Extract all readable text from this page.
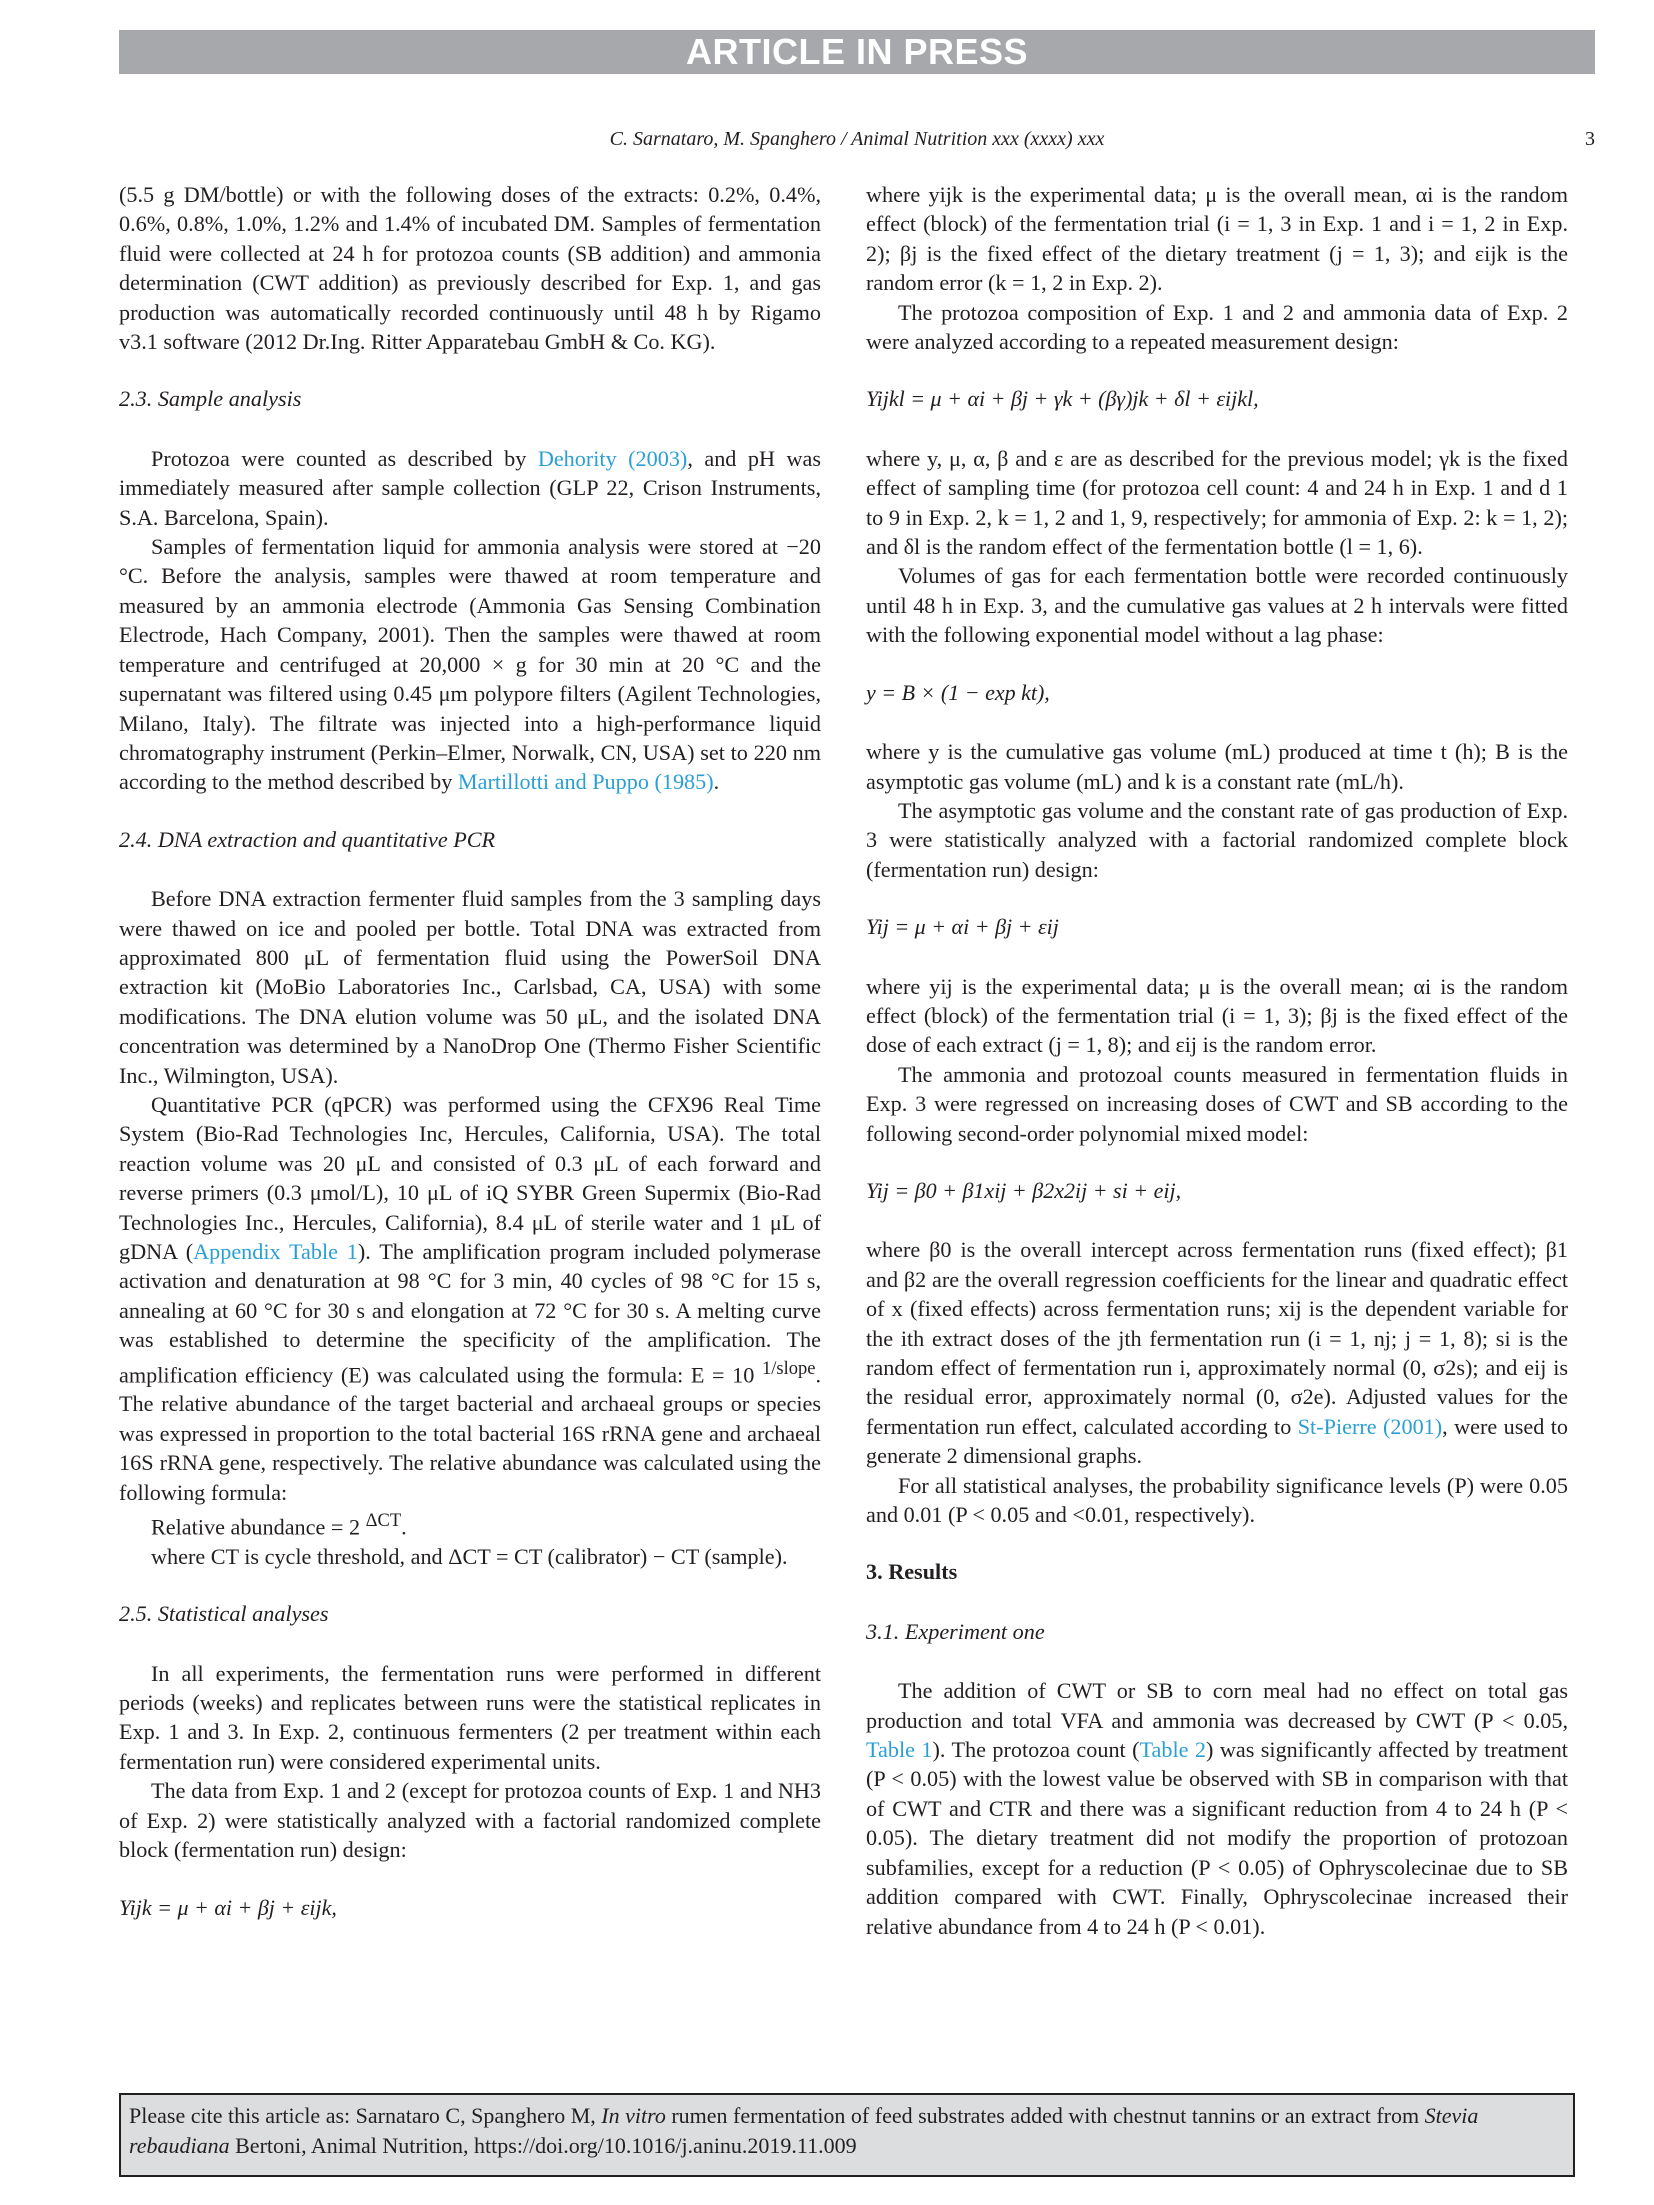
ARTICLE IN PRESS
C. Sarnataro, M. Spanghero / Animal Nutrition xxx (xxxx) xxx	3

(5.5 g DM/bottle) or with the following doses of the extracts: 0.2%, 0.4%, 0.6%, 0.8%, 1.0%, 1.2% and 1.4% of incubated DM. Samples of fermentation fluid were collected at 24 h for protozoa counts (SB addition) and ammonia determination (CWT addition) as previously described for Exp. 1, and gas production was automatically recorded continuously until 48 h by Rigamo v3.1 software (2012 Dr.Ing. Ritter Apparatebau GmbH & Co. KG).

2.3. Sample analysis

Protozoa were counted as described by Dehority (2003), and pH was immediately measured after sample collection (GLP 22, Crison Instruments, S.A. Barcelona, Spain).

Samples of fermentation liquid for ammonia analysis were stored at −20 °C. Before the analysis, samples were thawed at room temperature and measured by an ammonia electrode (Ammonia Gas Sensing Combination Electrode, Hach Company, 2001). Then the samples were thawed at room temperature and centrifuged at 20,000 × g for 30 min at 20 °C and the supernatant was filtered using 0.45 μm polypore filters (Agilent Technologies, Milano, Italy). The filtrate was injected into a high-performance liquid chromatography instrument (Perkin–Elmer, Norwalk, CN, USA) set to 220 nm according to the method described by Martillotti and Puppo (1985).

2.4. DNA extraction and quantitative PCR

Before DNA extraction fermenter fluid samples from the 3 sampling days were thawed on ice and pooled per bottle. Total DNA was extracted from approximated 800 μL of fermentation fluid using the PowerSoil DNA extraction kit (MoBio Laboratories Inc., Carlsbad, CA, USA) with some modifications. The DNA elution volume was 50 μL, and the isolated DNA concentration was determined by a NanoDrop One (Thermo Fisher Scientific Inc., Wilmington, USA).

Quantitative PCR (qPCR) was performed using the CFX96 Real Time System (Bio-Rad Technologies Inc, Hercules, California, USA). The total reaction volume was 20 μL and consisted of 0.3 μL of each forward and reverse primers (0.3 μmol/L), 10 μL of iQ SYBR Green Supermix (Bio-Rad Technologies Inc., Hercules, California), 8.4 μL of sterile water and 1 μL of gDNA (Appendix Table 1). The amplification program included polymerase activation and denaturation at 98 °C for 3 min, 40 cycles of 98 °C for 15 s, annealing at 60 °C for 30 s and elongation at 72 °C for 30 s. A melting curve was established to determine the specificity of the amplification. The amplification efficiency (E) was calculated using the formula: E = 10 $^{1/slope}$. The relative abundance of the target bacterial and archaeal groups or species was expressed in proportion to the total bacterial 16S rRNA gene and archaeal 16S rRNA gene, respectively. The relative abundance was calculated using the following formula:

Relative abundance = 2 $^{\Delta CT}$.

where CT is cycle threshold, and ΔCT = CT (calibrator) − CT (sample).

2.5. Statistical analyses

In all experiments, the fermentation runs were performed in different periods (weeks) and replicates between runs were the statistical replicates in Exp. 1 and 3. In Exp. 2, continuous fermenters (2 per treatment within each fermentation run) were considered experimental units.

The data from Exp. 1 and 2 (except for protozoa counts of Exp. 1 and NH3 of Exp. 2) were statistically analyzed with a factorial randomized complete block (fermentation run) design:

Yijk = μ + αi + βj + εijk,

where yijk is the experimental data; μ is the overall mean, αi is the random effect (block) of the fermentation trial (i = 1, 3 in Exp. 1 and i = 1, 2 in Exp. 2); βj is the fixed effect of the dietary treatment (j = 1, 3); and εijk is the random error (k = 1, 2 in Exp. 2).

The protozoa composition of Exp. 1 and 2 and ammonia data of Exp. 2 were analyzed according to a repeated measurement design:

Yijkl = μ + αi + βj + γk + (βγ)jk + δl + εijkl,

where y, μ, α, β and ε are as described for the previous model; γk is the fixed effect of sampling time (for protozoa cell count: 4 and 24 h in Exp. 1 and d 1 to 9 in Exp. 2, k = 1, 2 and 1, 9, respectively; for ammonia of Exp. 2: k = 1, 2); and δl is the random effect of the fermentation bottle (l = 1, 6).

Volumes of gas for each fermentation bottle were recorded continuously until 48 h in Exp. 3, and the cumulative gas values at 2 h intervals were fitted with the following exponential model without a lag phase:

y = B × (1 − exp kt),

where y is the cumulative gas volume (mL) produced at time t (h); B is the asymptotic gas volume (mL) and k is a constant rate (mL/h).

The asymptotic gas volume and the constant rate of gas production of Exp. 3 were statistically analyzed with a factorial randomized complete block (fermentation run) design:

Yij = μ + αi + βj + εij

where yij is the experimental data; μ is the overall mean; αi is the random effect (block) of the fermentation trial (i = 1, 3); βj is the fixed effect of the dose of each extract (j = 1, 8); and εij is the random error.

The ammonia and protozoal counts measured in fermentation fluids in Exp. 3 were regressed on increasing doses of CWT and SB according to the following second-order polynomial mixed model:

Yij = β0 + β1xij + β2x2ij + si + eij,

where β0 is the overall intercept across fermentation runs (fixed effect); β1 and β2 are the overall regression coefficients for the linear and quadratic effect of x (fixed effects) across fermentation runs; xij is the dependent variable for the ith extract doses of the jth fermentation run (i = 1, nj; j = 1, 8); si is the random effect of fermentation run i, approximately normal (0, σ2s); and eij is the residual error, approximately normal (0, σ2e). Adjusted values for the fermentation run effect, calculated according to St-Pierre (2001), were used to generate 2 dimensional graphs.

For all statistical analyses, the probability significance levels (P) were 0.05 and 0.01 (P < 0.05 and <0.01, respectively).

3. Results
3.1. Experiment one

The addition of CWT or SB to corn meal had no effect on total gas production and total VFA and ammonia was decreased by CWT (P < 0.05, Table 1). The protozoa count (Table 2) was significantly affected by treatment (P < 0.05) with the lowest value be observed with SB in comparison with that of CWT and CTR and there was a significant reduction from 4 to 24 h (P < 0.05). The dietary treatment did not modify the proportion of protozoan subfamilies, except for a reduction (P < 0.05) of Ophryscolecinae due to SB addition compared with CWT. Finally, Ophryscolecinae increased their relative abundance from 4 to 24 h (P < 0.01).

Please cite this article as: Sarnataro C, Spanghero M, In vitro rumen fermentation of feed substrates added with chestnut tannins or an extract from Stevia rebaudiana Bertoni, Animal Nutrition, https://doi.org/10.1016/j.aninu.2019.11.009
